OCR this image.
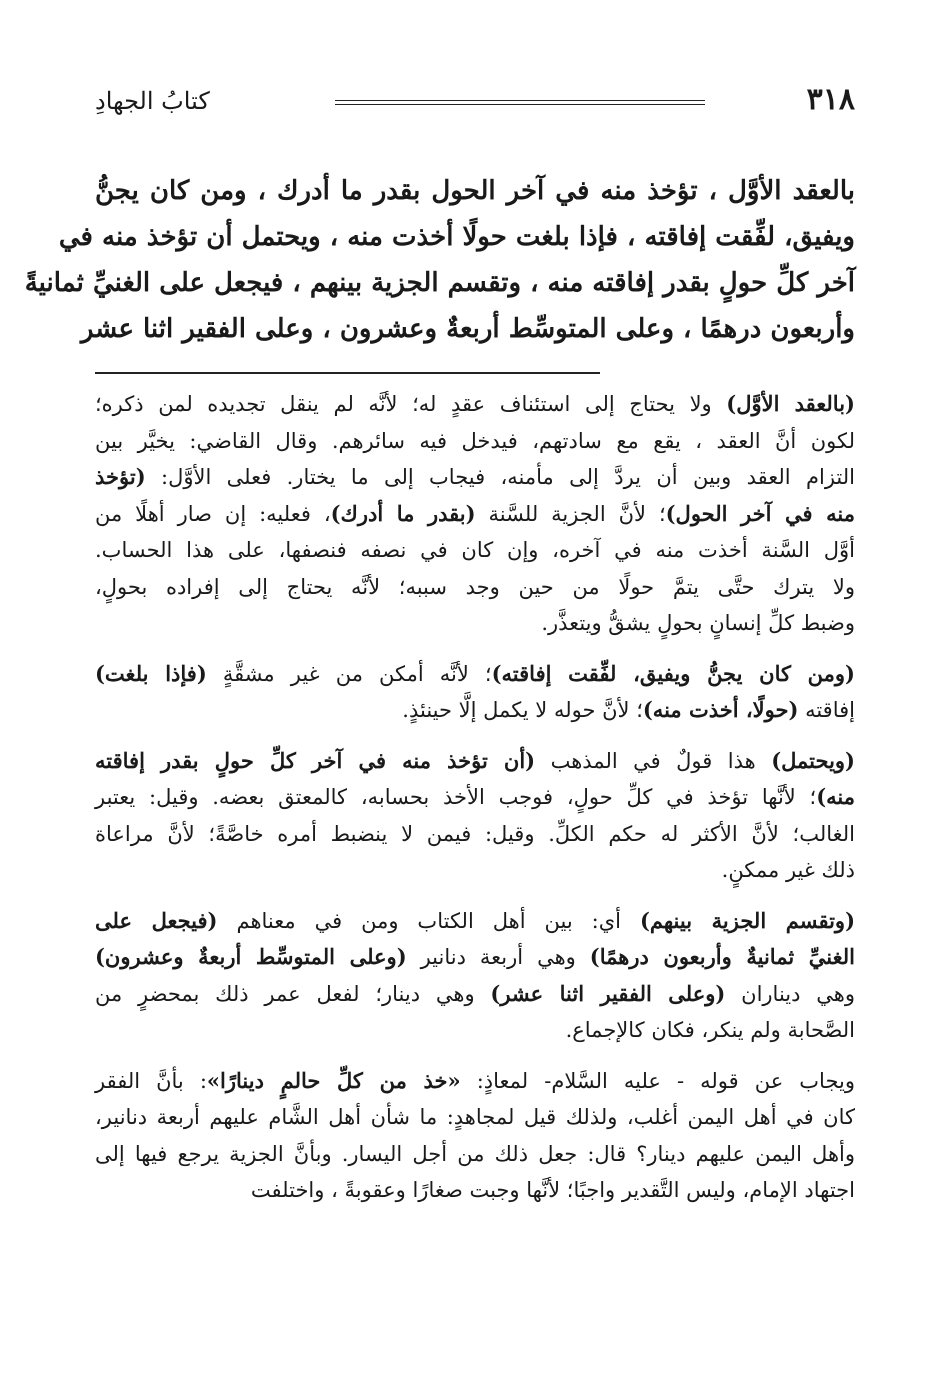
٣١٨
كتابُ الجهادِ
بالعقد الأوَّل ، تؤخذ منه في آخر الحول بقدر ما أدرك ، ومن كان يجنُّ
ويفيق، لفِّقت إفاقته ، فإذا بلغت حولًا أخذت منه ، ويحتمل أن تؤخذ منه في
آخر كلِّ حولٍ بقدر إفاقته منه ، وتقسم الجزية بينهم ، فيجعل على الغنيِّ ثمانيةً
وأربعون درهمًا ، وعلى المتوسِّط أربعةٌ وعشرون ، وعلى الفقير اثنا عشر
(بالعقد الأوَّل) ولا يحتاج إلى استئناف عقدٍ له؛ لأنَّه لم ينقل تجديده لمن ذكره؛
لكون أنَّ العقد ، يقع مع سادتهم، فيدخل فيه سائرهم. وقال القاضي: يخيَّر بين
التزام العقد وبين أن يردَّ إلى مأمنه، فيجاب إلى ما يختار. فعلى الأوَّل: (تؤخذ
منه في آخر الحول)؛ لأنَّ الجزية للسَّنة (بقدر ما أدرك)، فعليه: إن صار أهلًا من
أوَّل السَّنة أخذت منه في آخره، وإن كان في نصفه فنصفها، على هذا الحساب.
ولا يترك حتَّى يتمَّ حولًا من حين وجد سببه؛ لأنَّه يحتاج إلى إفراده بحولٍ،
وضبط كلِّ إنسانٍ بحولٍ يشقُّ ويتعذَّر.
(ومن كان يجنُّ ويفيق، لفِّقت إفاقته)؛ لأنَّه أمكن من غير مشقَّةٍ (فإذا بلغت)
إفاقته (حولًا، أخذت منه)؛ لأنَّ حوله لا يكمل إلَّا حينئذٍ.
(ويحتمل) هذا قولٌ في المذهب (أن تؤخذ منه في آخر كلِّ حولٍ بقدر إفاقته
منه)؛ لأنَّها تؤخذ في كلِّ حولٍ، فوجب الأخذ بحسابه، كالمعتق بعضه. وقيل: يعتبر
الغالب؛ لأنَّ الأكثر له حكم الكلِّ. وقيل: فيمن لا ينضبط أمره خاصَّةً؛ لأنَّ مراعاة
ذلك غير ممكنٍ.
(وتقسم الجزية بينهم) أي: بين أهل الكتاب ومن في معناهم (فيجعل على
الغنيِّ ثمانيةٌ وأربعون درهمًا) وهي أربعة دنانير (وعلى المتوسِّط أربعةٌ وعشرون)
وهي ديناران (وعلى الفقير اثنا عشر) وهي دينار؛ لفعل عمر ذلك بمحضرٍ من
الصَّحابة ولم ينكر، فكان كالإجماع.
ويجاب عن قوله - عليه السَّلام- لمعاذٍ: «خذ من كلِّ حالمٍ دينارًا»: بأنَّ الفقر
كان في أهل اليمن أغلب، ولذلك قيل لمجاهدٍ: ما شأن أهل الشَّام عليهم أربعة دنانير،
وأهل اليمن عليهم دينار؟ قال: جعل ذلك من أجل اليسار. وبأنَّ الجزية يرجع فيها إلى
اجتهاد الإمام، وليس التَّقدير واجبًا؛ لأنَّها وجبت صغارًا وعقوبةً ، واختلفت
